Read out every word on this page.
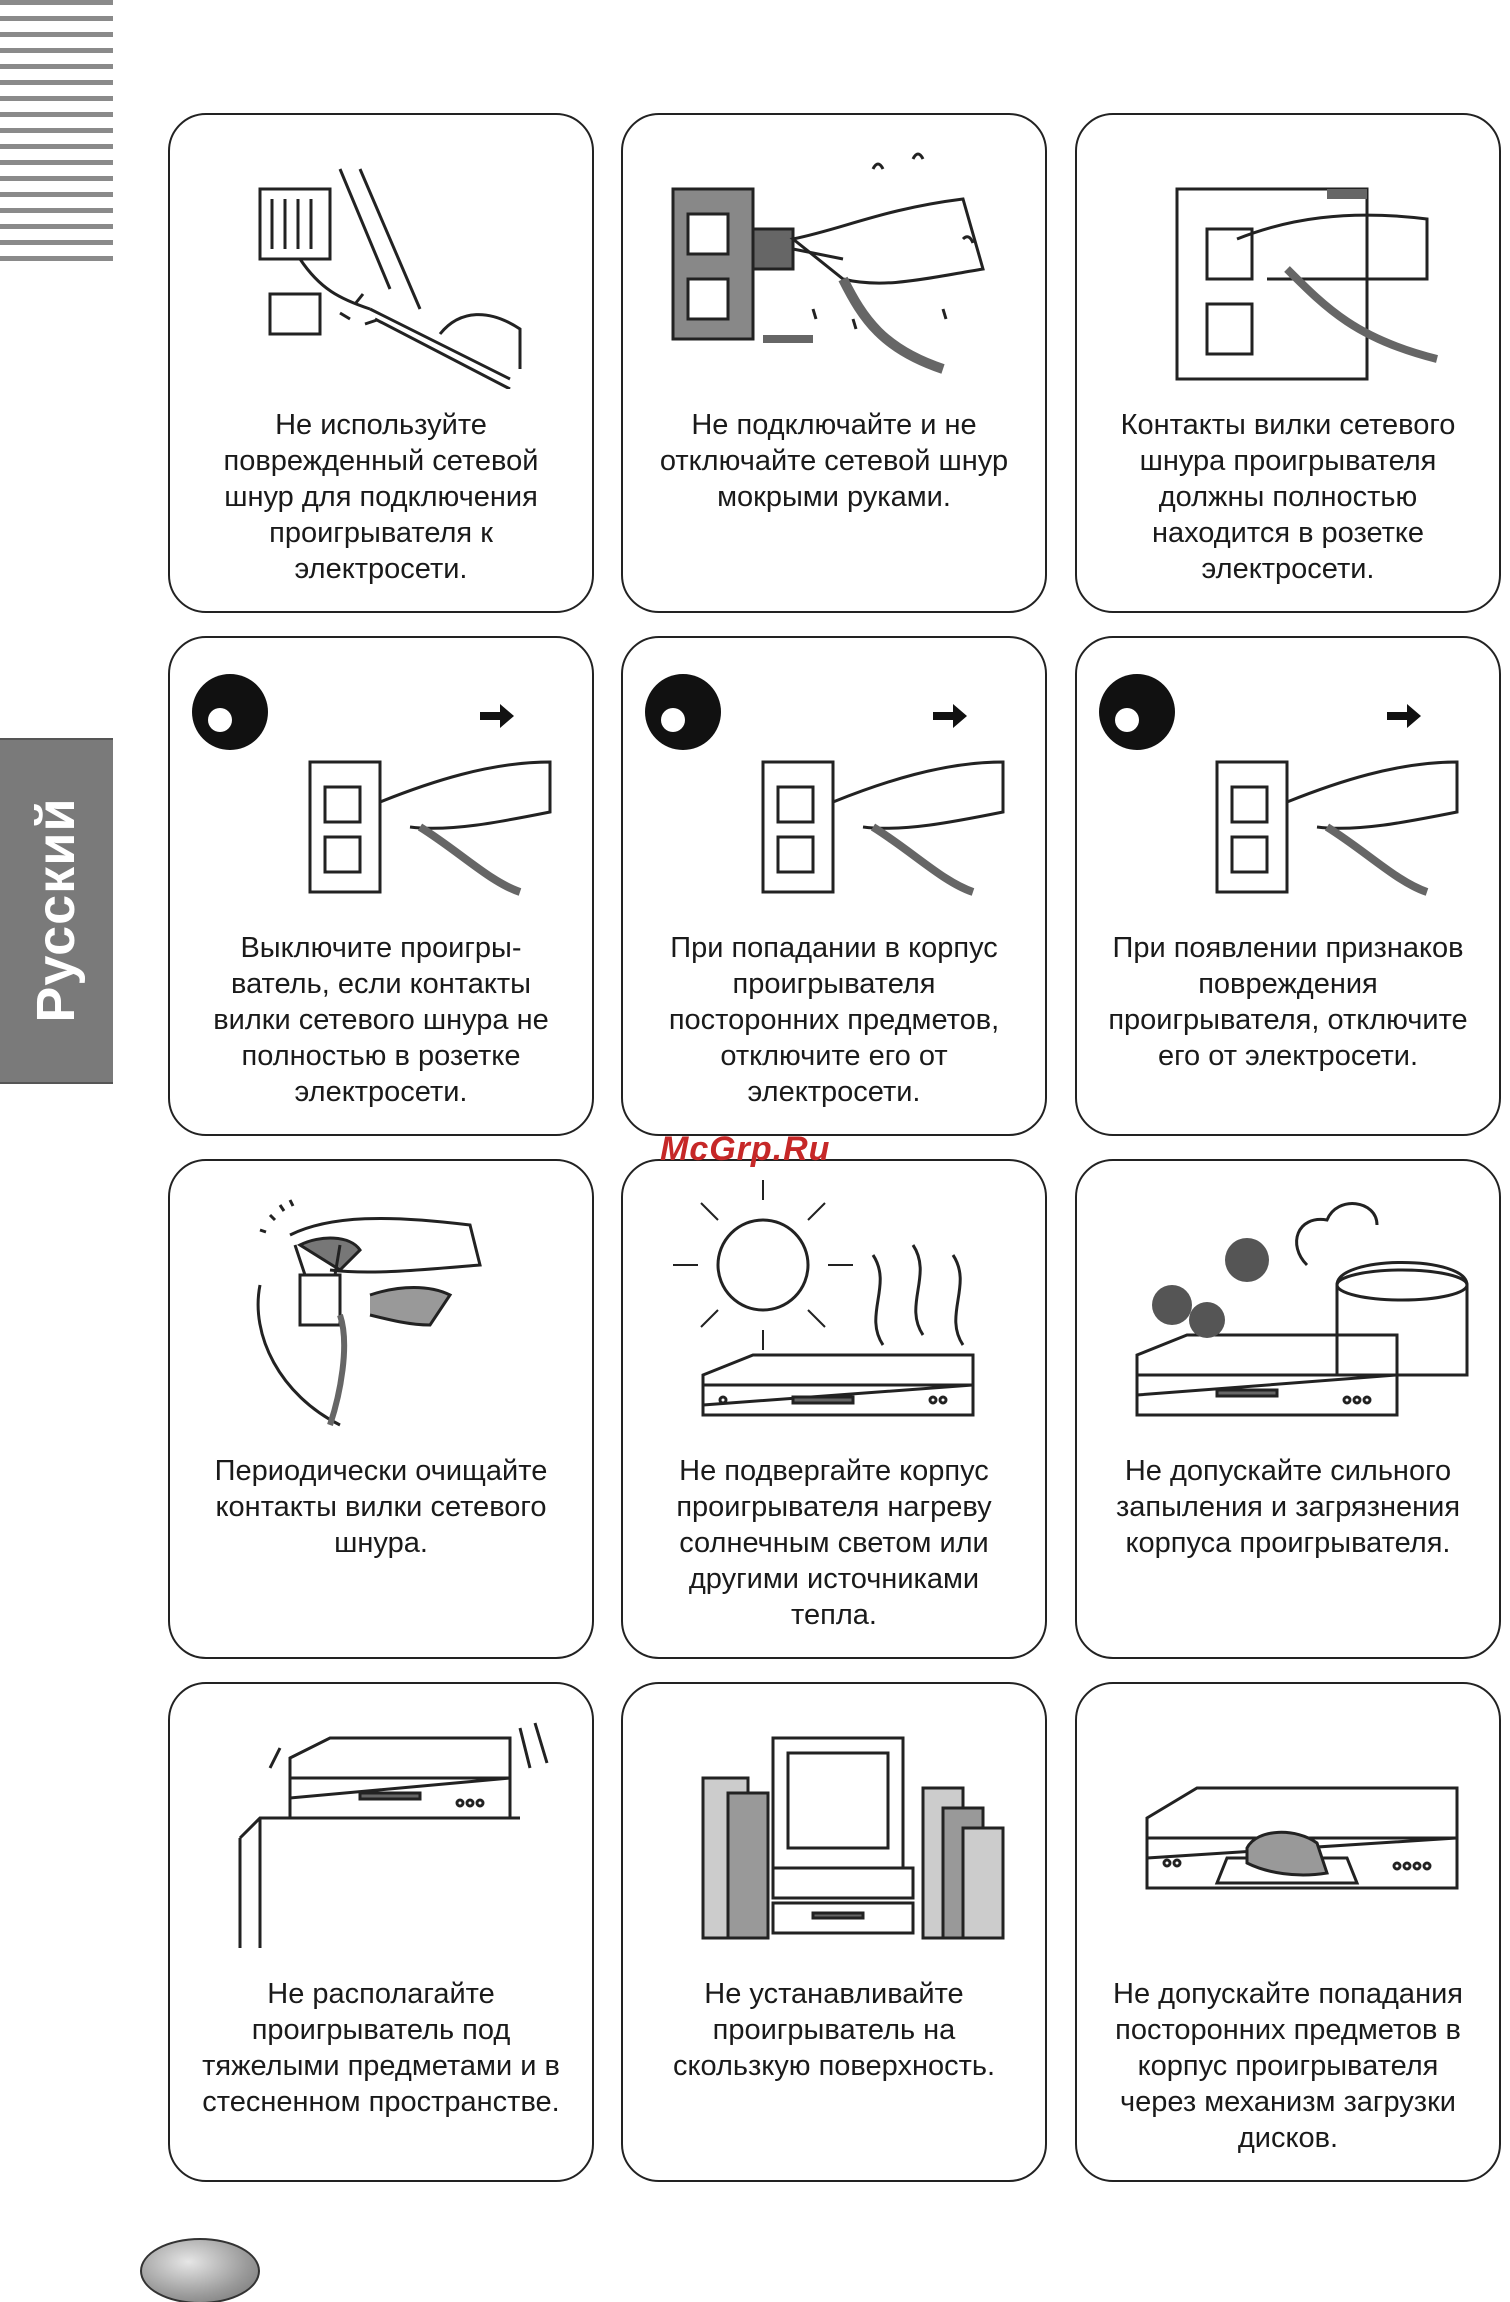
Русский
Не используйте
поврежденный сетевой
шнур для подключения
проигрывателя к
электросети.
Не подключайте и не
отключайте сетевой шнур
мокрыми руками.
Контакты вилки сетевого
шнура проигрывателя
должны полностью
находится в розетке
электросети.
Выключите проигры-
ватель, если контакты
вилки сетевого шнура не
полностью в розетке
электросети.
При попадании в корпус
проигрывателя
посторонних предметов,
отключите его от
электросети.
При появлении признаков
повреждения
проигрывателя, отключите
его от электросети.
Периодически очищайте
контакты вилки сетевого
шнура.
Не подвергайте корпус
проигрывателя нагреву
солнечным светом или
другими источниками
тепла.
Не допускайте сильного
запыления и загрязнения
корпуса проигрывателя.
Не располагайте
проигрыватель под
тяжелыми предметами и в
стесненном пространстве.
Не устанавливайте
проигрыватель на
скользкую поверхность.
Не допускайте попадания
посторонних предметов в
корпус проигрывателя
через механизм загрузки
дисков.
McGrp.Ru
